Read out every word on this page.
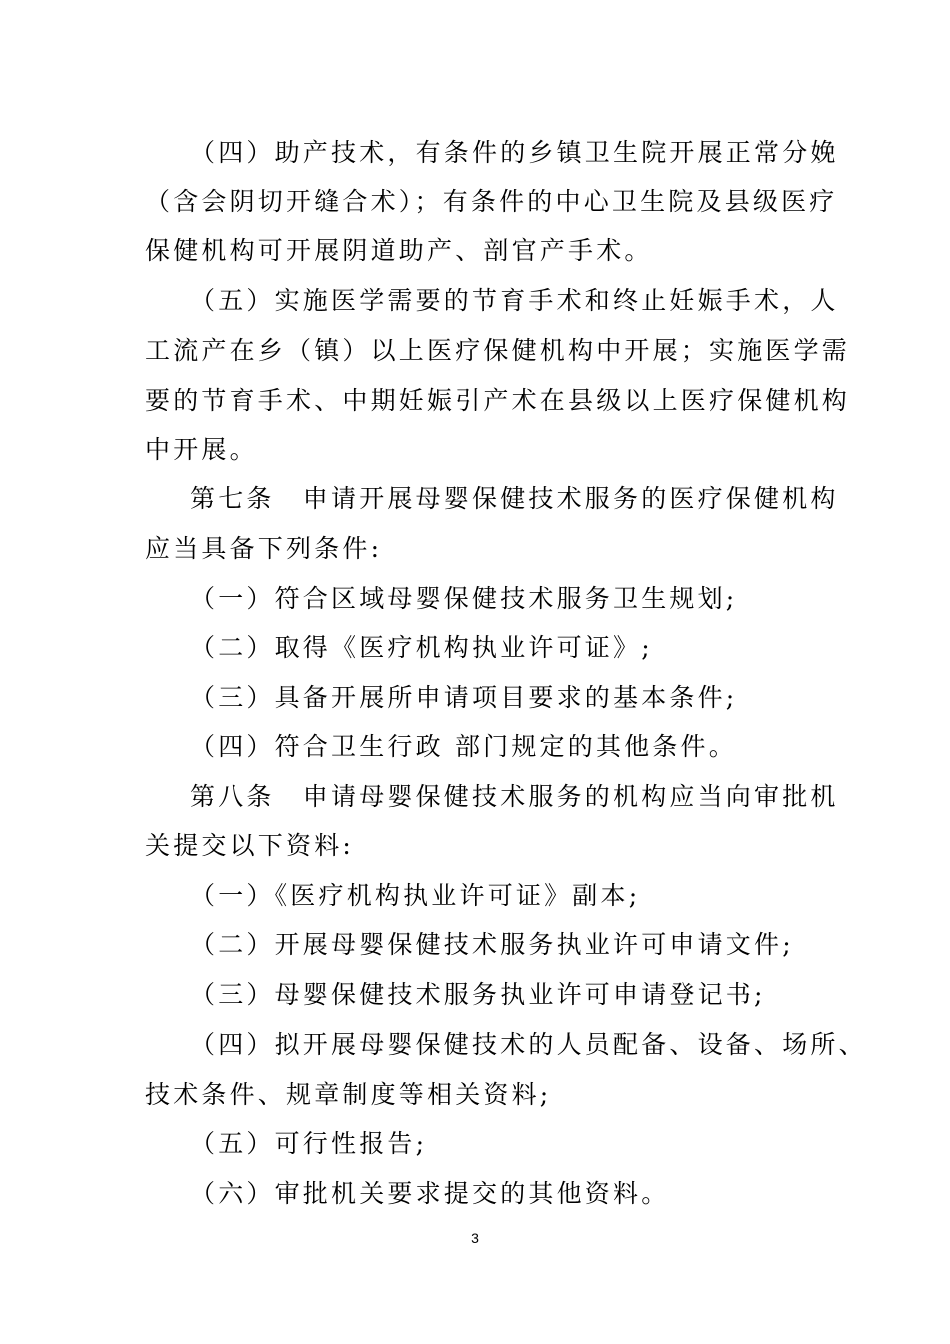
（四）助产技术，有条件的乡镇卫生院开展正常分娩
（含会阴切开缝合术）；有条件的中心卫生院及县级医疗
保健机构可开展阴道助产、剖官产手术。
（五）实施医学需要的节育手术和终止妊娠手术，人
工流产在乡（镇）以上医疗保健机构中开展；实施医学需
要的节育手术、中期妊娠引产术在县级以上医疗保健机构
中开展。
第七条　申请开展母婴保健技术服务的医疗保健机构
应当具备下列条件:
（一）符合区域母婴保健技术服务卫生规划;
（二）取得《医疗机构执业许可证》;
（三）具备开展所申请项目要求的基本条件;
（四）符合卫生行政 部门规定的其他条件。
第八条　申请母婴保健技术服务的机构应当向审批机
关提交以下资料:
（一）《医疗机构执业许可证》副本;
（二）开展母婴保健技术服务执业许可申请文件;
（三）母婴保健技术服务执业许可申请登记书;
（四）拟开展母婴保健技术的人员配备、设备、场所、
技术条件、规章制度等相关资料;
（五）可行性报告;
（六）审批机关要求提交的其他资料。
3
